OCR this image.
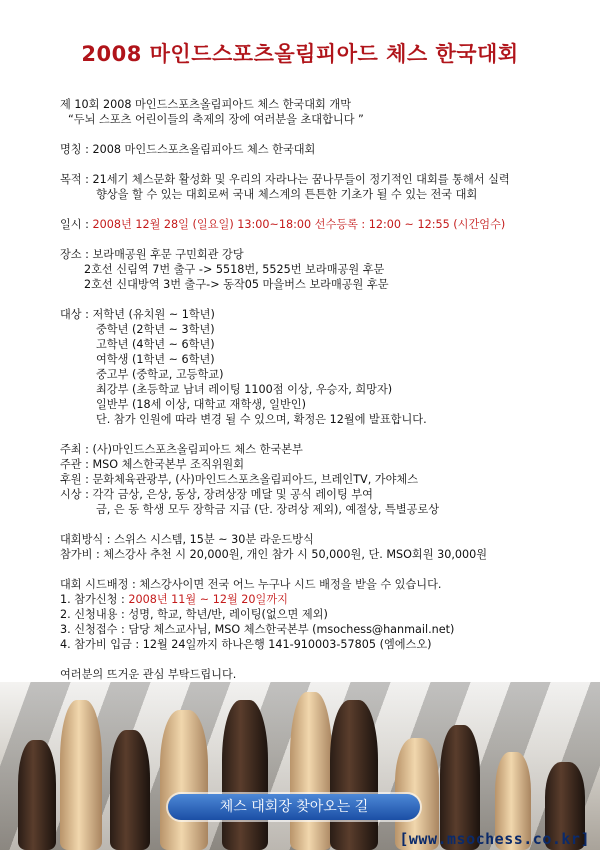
2008 마인드스포츠올림피아드 체스 한국대회
제 10회 2008 마인드스포츠올림피아드 체스 한국대회 개막
“두뇌 스포츠 어린이들의 축제의 장에 여러분을 초대합니다 ”
명칭 : 2008 마인드스포츠올림피아드 체스 한국대회
목적 : 21세기 체스문화 활성화 및 우리의 자라나는 꿈나무들이 정기적인 대회를 통해서 실력
향상을 할 수 있는 대회로써 국내 체스계의 튼튼한 기초가 될 수 있는 전국 대회
일시 : 2008년 12월 28일 (일요일) 13:00~18:00 선수등록 : 12:00 ~ 12:55 (시간엄수)
장소 : 보라매공원 후문 구민회관 강당
2호선 신림역 7번 출구 -> 5518번, 5525번 보라매공원 후문
2호선 신대방역 3번 출구-> 동작05 마을버스 보라매공원 후문
대상 : 저학년 (유치원 ~ 1학년)
중학년 (2학년 ~ 3학년)
고학년 (4학년 ~ 6학년)
여학생 (1학년 ~ 6학년)
중고부 (중학교, 고등학교)
최강부 (초등학교 남녀 레이팅 1100점 이상, 우승자, 희망자)
일반부 (18세 이상, 대학교 재학생, 일반인)
단. 참가 인원에 따라 변경 될 수 있으며, 확정은 12월에 발표합니다.
주최 : (사)마인드스포츠올림피아드 체스 한국본부
주관 : MSO 체스한국본부 조직위원회
후원 : 문화체육관광부, (사)마인드스포츠올림피아드, 브레인TV, 가야체스
시상 : 각각 금상, 은상, 동상, 장려상장 메달 및 공식 레이팅 부여
금, 은 동 학생 모두 장학금 지급 (단. 장려상 제외), 예절상, 특별공로상
대회방식 : 스위스 시스템, 15분 ~ 30분 라운드방식
참가비 : 체스강사 추천 시 20,000원, 개인 참가 시 50,000원, 단. MSO회원 30,000원
대회 시드배정 : 체스강사이면 전국 어느 누구나 시드 배정을 받을 수 있습니다.
1. 참가신청 : 2008년 11월 ~ 12월 20일까지
2. 신청내용 : 성명, 학교, 학년/반, 레이팅(없으면 제외)
3. 신청접수 : 담당 체스교사님, MSO 체스한국본부 (msochess@hanmail.net)
4. 참가비 입금 : 12월 24일까지 하나은행 141-910003-57805 (엠에스오)
여러분의 뜨거운 관심 부탁드립니다.
체스 대회장 찾아오는 길
[www.msochess.co.kr]
